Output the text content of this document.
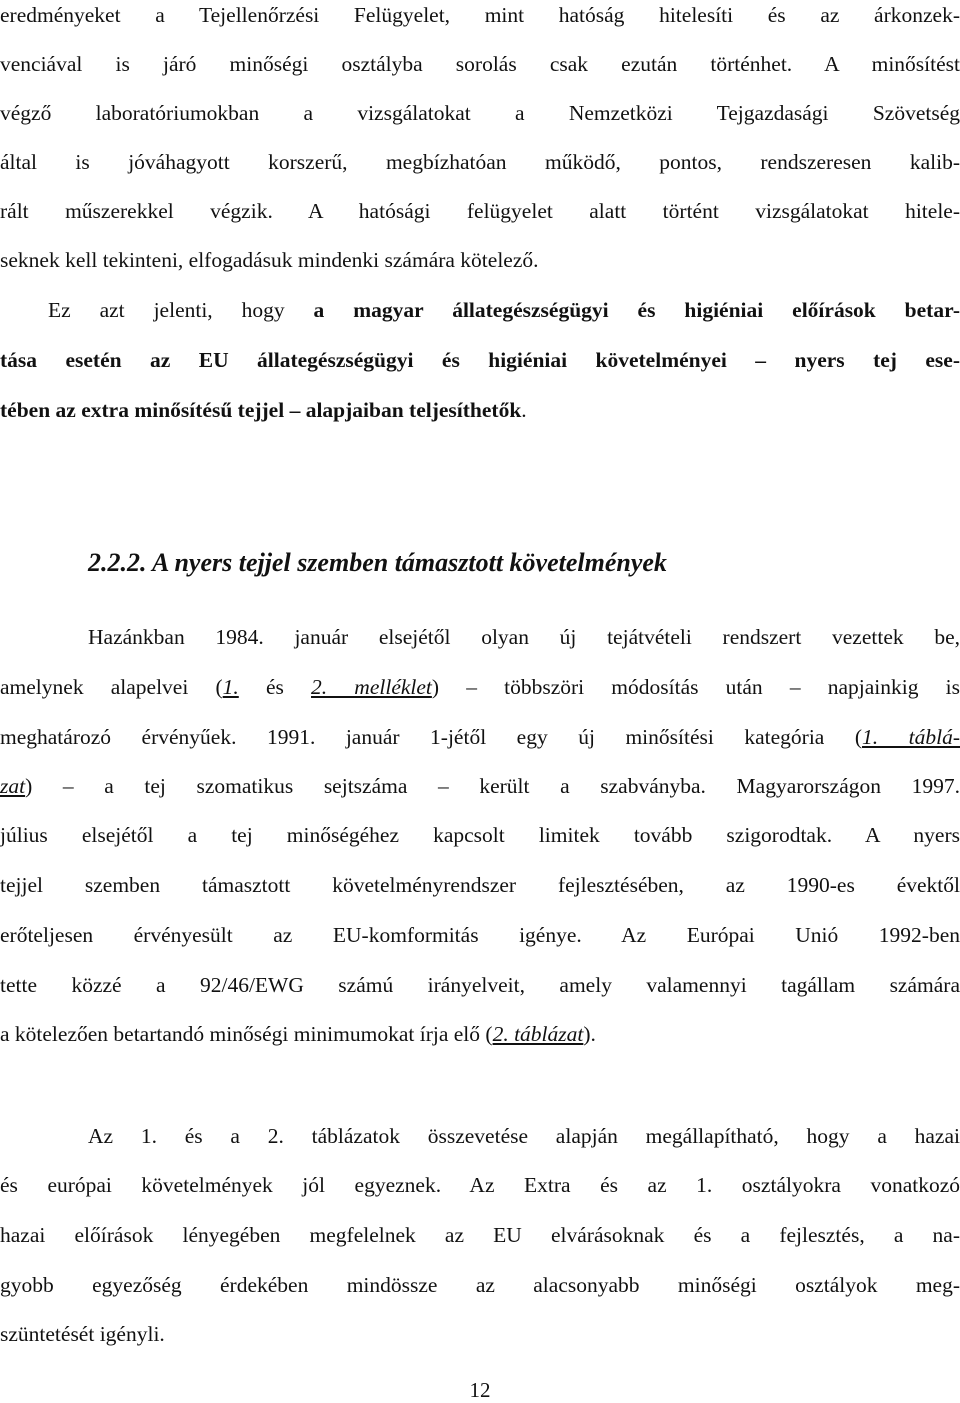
eredményeket a Tejellenőrzési Felügyelet, mint hatóság hitelesíti és az árkonzek-
venciával is járó minőségi osztályba sorolás csak ezután történhet. A minősítést
végző laboratóriumokban a vizsgálatokat a Nemzetközi Tejgazdasági Szövetség
által is jóváhagyott korszerű, megbízhatóan működő, pontos, rendszeresen kalib-
rált műszerekkel végzik. A hatósági felügyelet alatt történt vizsgálatokat hitele-
seknek kell tekinteni, elfogadásuk mindenki számára kötelező.
Ez azt jelenti, hogy a magyar állategészségügyi és higiéniai előírások betar-
tása esetén az EU állategészségügyi és higiéniai követelményei – nyers tej ese-
tében az extra minősítésű tejjel – alapjaiban teljesíthetők.
2.2.2. A nyers tejjel szemben támasztott követelmények
Hazánkban 1984. január elsejétől olyan új tejátvételi rendszert vezettek be,
amelynek alapelvei (1. és 2. melléklet) – többszöri módosítás után – napjainkig is
meghatározó érvényűek. 1991. január 1-jétől egy új minősítési kategória (1. táblá-
zat) – a tej szomatikus sejtszáma – került a szabványba. Magyarországon 1997.
július elsejétől a tej minőségéhez kapcsolt limitek tovább szigorodtak. A nyers
tejjel szemben támasztott követelményrendszer fejlesztésében, az 1990-es évektől
erőteljesen érvényesült az EU-komformitás igénye. Az Európai Unió 1992-ben
tette közzé a 92/46/EWG számú irányelveit, amely valamennyi tagállam számára
a kötelezően betartandó minőségi minimumokat írja elő (2. táblázat).
Az 1. és a 2. táblázatok összevetése alapján megállapítható, hogy a hazai
és európai követelmények jól egyeznek. Az Extra és az 1. osztályokra vonatkozó
hazai előírások lényegében megfelelnek az EU elvárásoknak és a fejlesztés, a na-
gyobb egyezőség érdekében mindössze az alacsonyabb minőségi osztályok meg-
szüntetését igényli.
12
